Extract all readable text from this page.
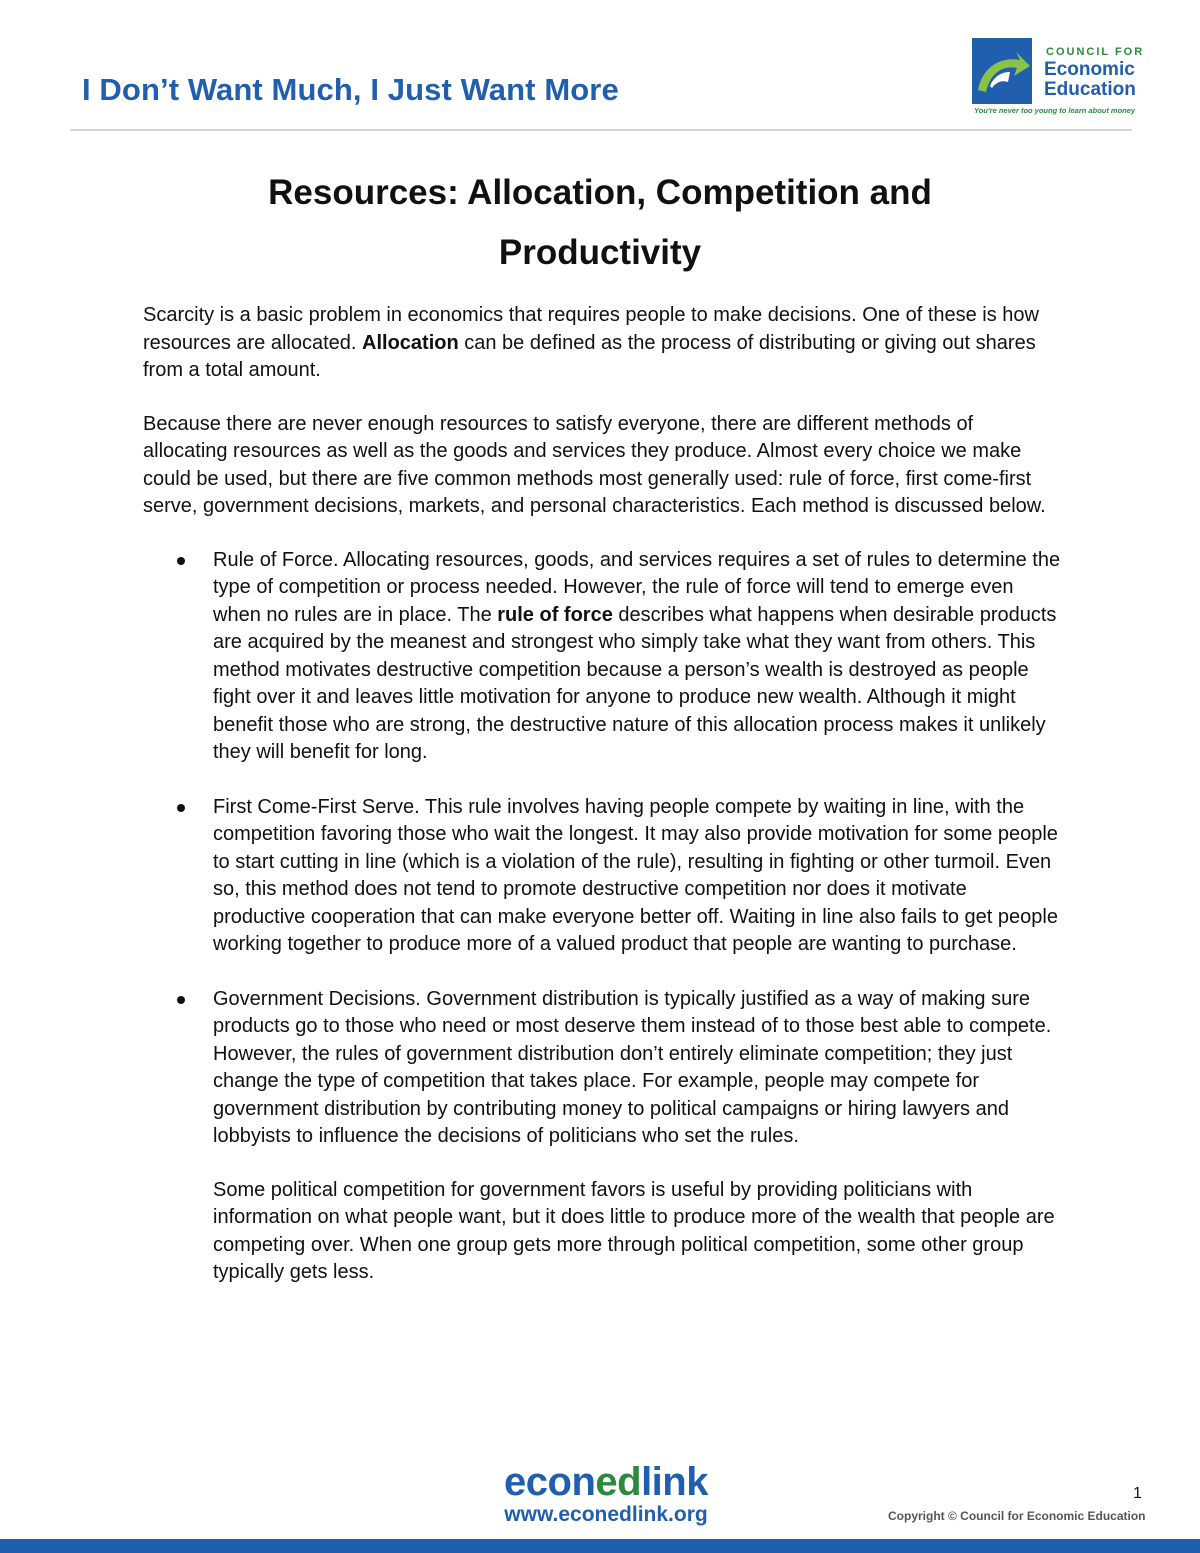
I Don’t Want Much, I Just Want More
COUNCIL FOR
Economic
Education
You're never too young to learn about money
Resources: Allocation, Competition and
Productivity

Scarcity is a basic problem in economics that requires people to make decisions. One of these is how resources are allocated. Allocation can be defined as the process of distributing or giving out shares from a total amount.

Because there are never enough resources to satisfy everyone, there are different methods of allocating resources as well as the goods and services they produce. Almost every choice we make could be used, but there are five common methods most generally used: rule of force, first come-first serve, government decisions, markets, and personal characteristics. Each method is discussed below.

Rule of Force. Allocating resources, goods, and services requires a set of rules to determine the type of competition or process needed. However, the rule of force will tend to emerge even when no rules are in place. The rule of force describes what happens when desirable products are acquired by the meanest and strongest who simply take what they want from others. This method motivates destructive competition because a person’s wealth is destroyed as people fight over it and leaves little motivation for anyone to produce new wealth. Although it might benefit those who are strong, the destructive nature of this allocation process makes it unlikely they will benefit for long.
First Come-First Serve. This rule involves having people compete by waiting in line, with the competition favoring those who wait the longest. It may also provide motivation for some people to start cutting in line (which is a violation of the rule), resulting in fighting or other turmoil. Even so, this method does not tend to promote destructive competition nor does it motivate productive cooperation that can make everyone better off. Waiting in line also fails to get people working together to produce more of a valued product that people are wanting to purchase.
Government Decisions. Government distribution is typically justified as a way of making sure products go to those who need or most deserve them instead of to those best able to compete. However, the rules of government distribution don’t entirely eliminate competition; they just change the type of competition that takes place. For example, people may compete for government distribution by contributing money to political campaigns or hiring lawyers and lobbyists to influence the decisions of politicians who set the rules.

Some political competition for government favors is useful by providing politicians with information on what people want, but it does little to produce more of the wealth that people are competing over. When one group gets more through political competition, some other group typically gets less.

econedlink
www.econedlink.org
1
Copyright © Council for Economic Education
